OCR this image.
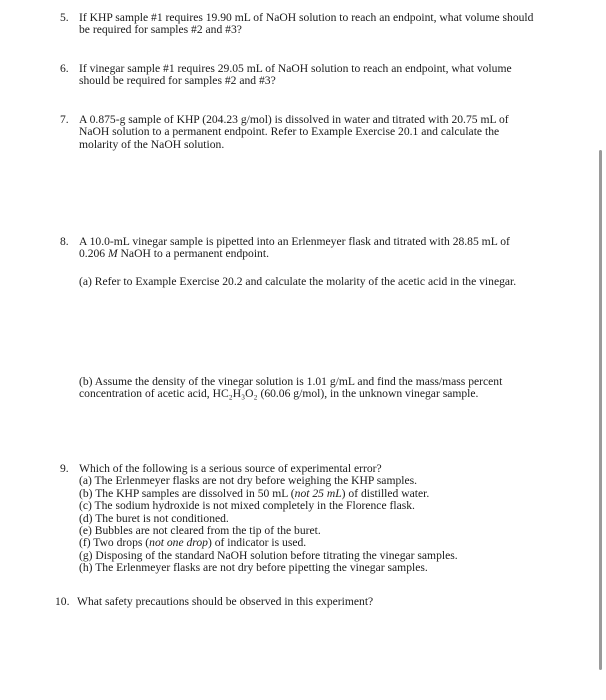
5. If KHP sample #1 requires 19.90 mL of NaOH solution to reach an endpoint, what volume should be required for samples #2 and #3?
6. If vinegar sample #1 requires 29.05 mL of NaOH solution to reach an endpoint, what volume should be required for samples #2 and #3?
7. A 0.875-g sample of KHP (204.23 g/mol) is dissolved in water and titrated with 20.75 mL of NaOH solution to a permanent endpoint. Refer to Example Exercise 20.1 and calculate the molarity of the NaOH solution.
8. A 10.0-mL vinegar sample is pipetted into an Erlenmeyer flask and titrated with 28.85 mL of 0.206 M NaOH to a permanent endpoint.
(a) Refer to Example Exercise 20.2 and calculate the molarity of the acetic acid in the vinegar.
(b) Assume the density of the vinegar solution is 1.01 g/mL and find the mass/mass percent concentration of acetic acid, HC₂H₃O₂ (60.06 g/mol), in the unknown vinegar sample.
9. Which of the following is a serious source of experimental error?
(a) The Erlenmeyer flasks are not dry before weighing the KHP samples.
(b) The KHP samples are dissolved in 50 mL (not 25 mL) of distilled water.
(c) The sodium hydroxide is not mixed completely in the Florence flask.
(d) The buret is not conditioned.
(e) Bubbles are not cleared from the tip of the buret.
(f) Two drops (not one drop) of indicator is used.
(g) Disposing of the standard NaOH solution before titrating the vinegar samples.
(h) The Erlenmeyer flasks are not dry before pipetting the vinegar samples.
10. What safety precautions should be observed in this experiment?
